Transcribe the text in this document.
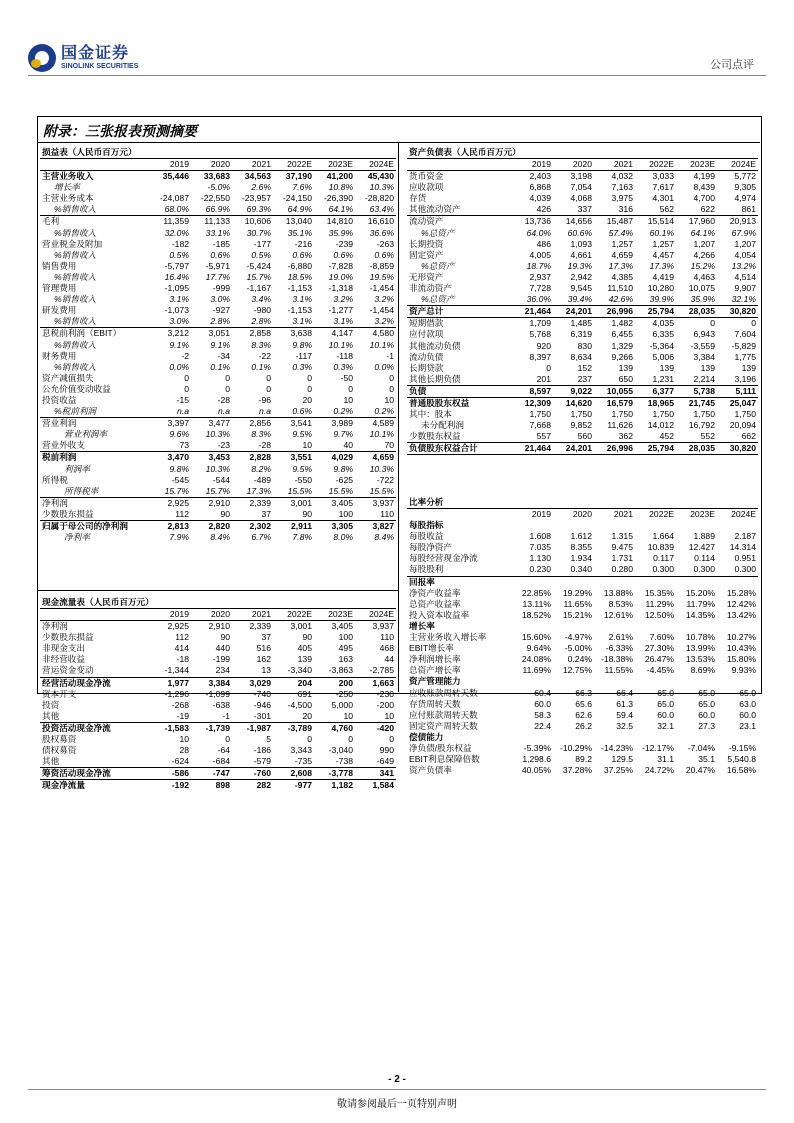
国金证券
SINOLINK SECURITIES	公司点评
附录：三张报表预测摘要
损益表（人民币百万元）						
	2019	2020	2021	2022E	2023E	2024E
主营业务收入	35,446	33,683	34,563	37,190	41,200	45,430
增长率		-5.0%	2.6%	7.6%	10.8%	10.3%
主营业务成本	-24,087	-22,550	-23,957	-24,150	-26,390	-28,820
%销售收入	68.0%	66.9%	69.3%	64.9%	64.1%	63.4%
毛利	11,359	11,133	10,606	13,040	14,810	16,610
%销售收入	32.0%	33.1%	30.7%	35.1%	35.9%	36.6%
营业税金及附加	-182	-185	-177	-216	-239	-263
%销售收入	0.5%	0.6%	0.5%	0.6%	0.6%	0.6%
销售费用	-5,797	-5,971	-5,424	-6,880	-7,828	-8,859
%销售收入	16.4%	17.7%	15.7%	18.5%	19.0%	19.5%
管理费用	-1,095	-999	-1,167	-1,153	-1,318	-1,454
%销售收入	3.1%	3.0%	3.4%	3.1%	3.2%	3.2%
研发费用	-1,073	-927	-980	-1,153	-1,277	-1,454
%销售收入	3.0%	2.8%	2.8%	3.1%	3.1%	3.2%
息税前利润（EBIT）	3,212	3,051	2,858	3,638	4,147	4,580
%销售收入	9.1%	9.1%	8.3%	9.8%	10.1%	10.1%
财务费用	-2	-34	-22	-117	-118	-1
%销售收入	0.0%	0.1%	0.1%	0.3%	0.3%	0.0%
资产减值损失	0	0	0	0	-50	0
公允价值变动收益	0	0	0	0	0	0
投资收益	-15	-28	-96	20	10	10
%税前利润	n.a	n.a	n.a	0.6%	0.2%	0.2%
营业利润	3,397	3,477	2,856	3,541	3,989	4,589
营业利润率	9.6%	10.3%	8.3%	9.5%	9.7%	10.1%
营业外收支	73	-23	-28	10	40	70
税前利润	3,470	3,453	2,828	3,551	4,029	4,659
利润率	9.8%	10.3%	8.2%	9.5%	9.8%	10.3%
所得税	-545	-544	-489	-550	-625	-722
所得税率	15.7%	15.7%	17.3%	15.5%	15.5%	15.5%
净利润	2,925	2,910	2,339	3,001	3,405	3,937
少数股东损益	112	90	37	90	100	110
归属于母公司的净利润	2,813	2,820	2,302	2,911	3,305	3,827
净利率	7.9%	8.4%	6.7%	7.8%	8.0%	8.4%
现金流量表（人民币百万元）						
	2019	2020	2021	2022E	2023E	2024E
净利润	2,925	2,910	2,339	3,001	3,405	3,937
少数股东损益	112	90	37	90	100	110
非现金支出	414	440	516	405	495	468
非经营收益	-18	-199	162	139	163	44
营运资金变动	-1,344	234	13	-3,340	-3,863	-2,785
经营活动现金净流	1,977	3,384	3,029	204	200	1,663
资本开支	-1,296	-1,099	-740	691	-250	-230
投资	-268	-638	-946	-4,500	5,000	-200
其他	-19	-1	-301	20	10	10
投资活动现金净流	-1,583	-1,739	-1,987	-3,789	4,760	-420
股权募资	10	0	5	0	0	0
债权募资	28	-64	-186	3,343	-3,040	990
其他	-624	-684	-579	-735	-738	-649
筹资活动现金净流	-586	-747	-760	2,608	-3,778	341
现金净流量	-192	898	282	-977	1,182	1,584
资产负债表（人民币百万元）						
	2019	2020	2021	2022E	2023E	2024E
货币资金	2,403	3,198	4,032	3,033	4,199	5,772
应收款项	6,868	7,054	7,163	7,617	8,439	9,305
存货	4,039	4,068	3,975	4,301	4,700	4,974
其他流动资产	426	337	316	562	622	861
流动资产	13,736	14,656	15,487	15,514	17,960	20,913
%总资产	64.0%	60.6%	57.4%	60.1%	64.1%	67.9%
长期投资	486	1,093	1,257	1,257	1,207	1,207
固定资产	4,005	4,661	4,659	4,457	4,266	4,054
%总资产	18.7%	19.3%	17.3%	17.3%	15.2%	13.2%
无形资产	2,937	2,942	4,385	4,419	4,463	4,514
非流动资产	7,728	9,545	11,510	10,280	10,075	9,907
%总资产	36.0%	39.4%	42.6%	39.9%	35.9%	32.1%
资产总计	21,464	24,201	26,996	25,794	28,035	30,820
短期借款	1,709	1,485	1,482	4,035	0	0
应付款项	5,768	6,319	6,455	6,335	6,943	7,604
其他流动负债	920	830	1,329	-5,364	-3,559	-5,829
流动负债	8,397	8,634	9,266	5,006	3,384	1,775
长期贷款	0	152	139	139	139	139
其他长期负债	201	237	650	1,231	2,214	3,196
负债	8,597	9,022	10,055	6,377	5,738	5,111
普通股股东权益	12,309	14,620	16,579	18,965	21,745	25,047
其中：股本	1,750	1,750	1,750	1,750	1,750	1,750
未分配利润	7,668	9,852	11,626	14,012	16,792	20,094
少数股东权益	557	560	362	452	552	662
负债股东权益合计	21,464	24,201	26,996	25,794	28,035	30,820
比率分析						
	2019	2020	2021	2022E	2023E	2024E
每股指标						
每股收益	1.608	1.612	1.315	1.664	1.889	2.187
每股净资产	7.035	8.355	9.475	10.839	12.427	14.314
每股经营现金净流	1.130	1.934	1.731	0.117	0.114	0.951
每股股利	0.230	0.340	0.280	0.300	0.300	0.300
回报率						
净资产收益率	22.85%	19.29%	13.88%	15.35%	15.20%	15.28%
总资产收益率	13.11%	11.65%	8.53%	11.29%	11.79%	12.42%
投入资本收益率	18.52%	15.21%	12.61%	12.50%	14.35%	13.42%
增长率						
主营业务收入增长率	15.60%	-4.97%	2.61%	7.60%	10.78%	10.27%
EBIT增长率	9.64%	-5.00%	-6.33%	27.30%	13.99%	10.43%
净利润增长率	24.08%	0.24%	-18.38%	26.47%	13.53%	15.80%
总资产增长率	11.69%	12.75%	11.55%	-4.45%	8.69%	9.93%
资产管理能力						
应收账款周转天数	60.4	66.3	66.4	65.0	65.0	65.0
存货周转天数	60.0	65.6	61.3	65.0	65.0	63.0
应付账款周转天数	58.3	62.6	59.4	60.0	60.0	60.0
固定资产周转天数	22.4	26.2	32.5	32.1	27.3	23.1
偿债能力						
净负债/股东权益	-5.39%	-10.29%	-14.23%	-12.17%	-7.04%	-9.15%
EBIT利息保障倍数	1,298.6	89.2	129.5	31.1	35.1	5,540.8
资产负债率	40.05%	37.28%	37.25%	24.72%	20.47%	16.58%
- 2 -
敬请参阅最后一页特别声明
